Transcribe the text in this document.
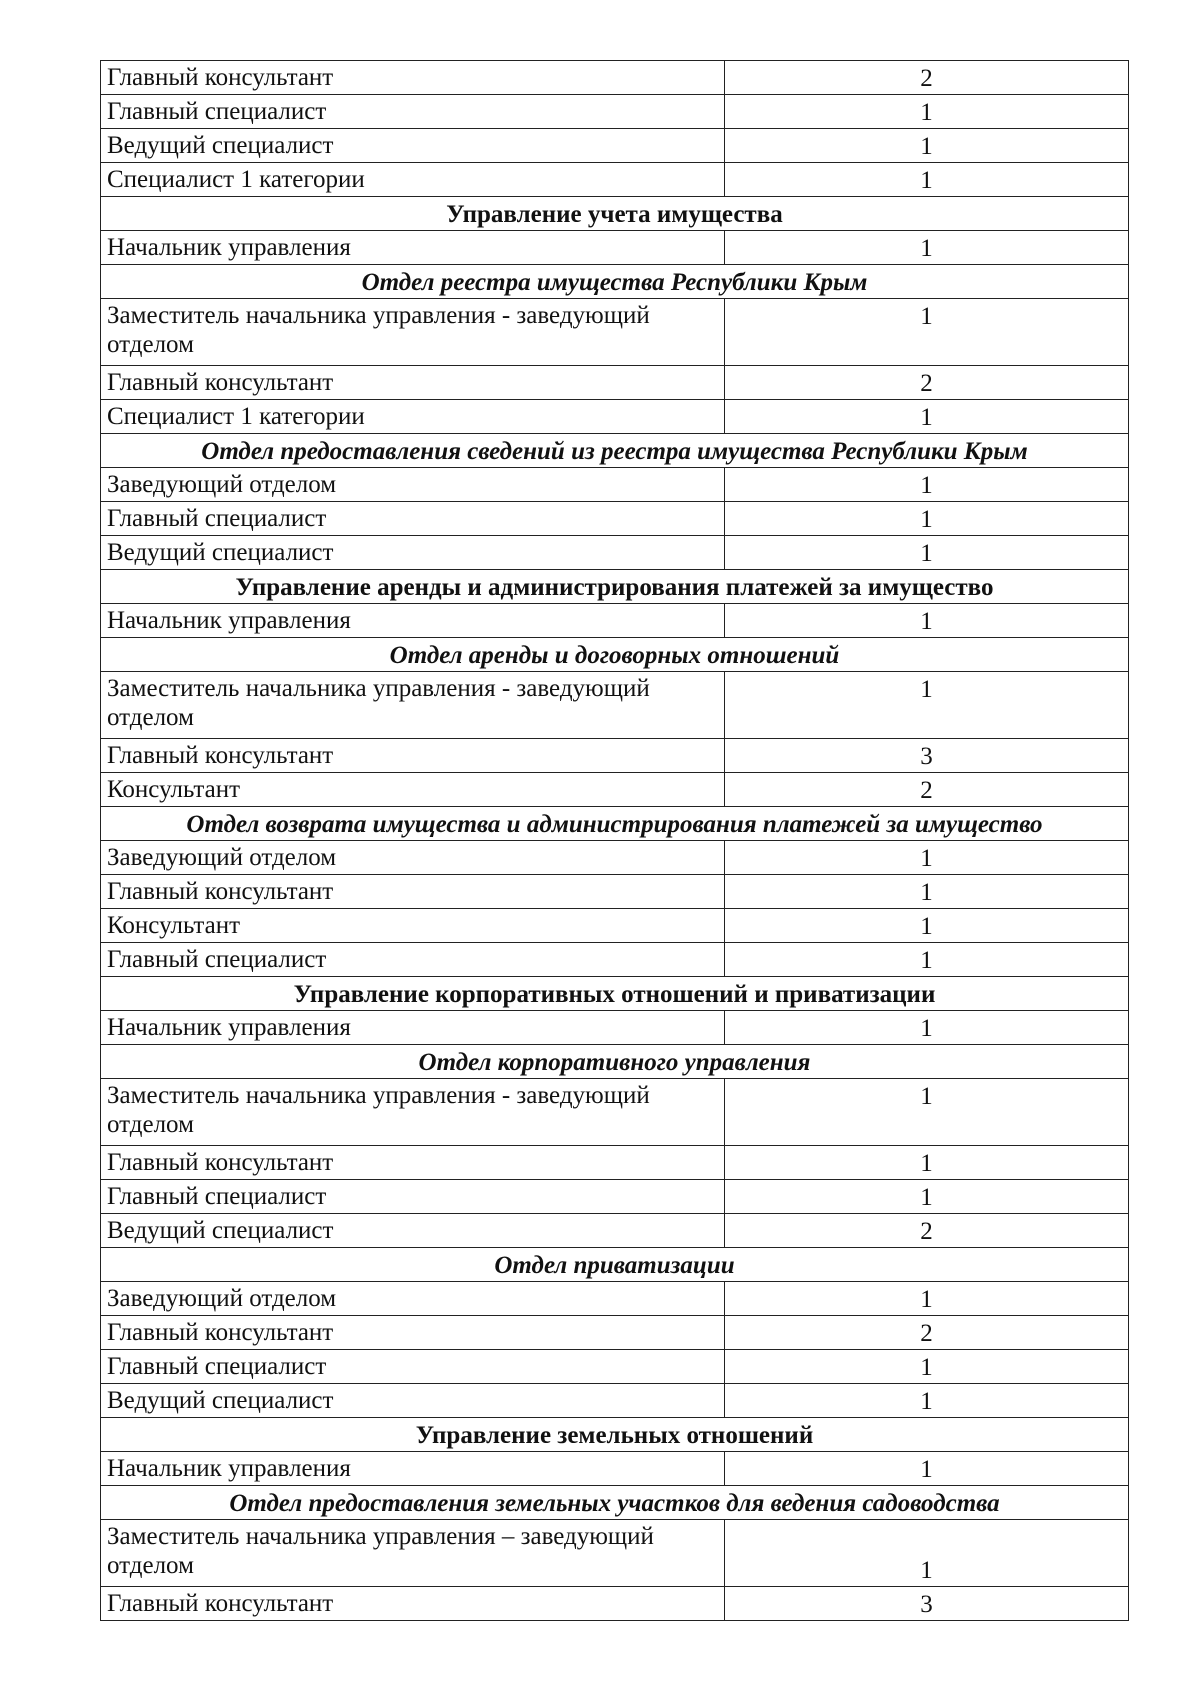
Главный консультант	2
Главный специалист	1
Ведущий специалист	1
Специалист 1 категории	1
Управление учета имущества	
Начальник управления	1
Отдел реестра имущества Республики Крым	
Заместитель начальника управления - заведующий отделом	1
Главный консультант	2
Специалист 1 категории	1
Отдел предоставления сведений из реестра имущества Республики Крым	
Заведующий отделом	1
Главный специалист	1
Ведущий специалист	1
Управление аренды и администрирования платежей за имущество	
Начальник управления	1
Отдел аренды и договорных отношений	
Заместитель начальника управления - заведующий отделом	1
Главный консультант	3
Консультант	2
Отдел возврата имущества и администрирования платежей за имущество	
Заведующий отделом	1
Главный консультант	1
Консультант	1
Главный специалист	1
Управление корпоративных отношений и приватизации	
Начальник управления	1
Отдел корпоративного управления	
Заместитель начальника управления - заведующий отделом	1
Главный консультант	1
Главный специалист	1
Ведущий специалист	2
Отдел приватизации	
Заведующий отделом	1
Главный консультант	2
Главный специалист	1
Ведущий специалист	1
Управление земельных отношений	
Начальник управления	1
Отдел предоставления земельных участков для ведения садоводства	
Заместитель начальника управления – заведующий отделом	1
Главный консультант	3
